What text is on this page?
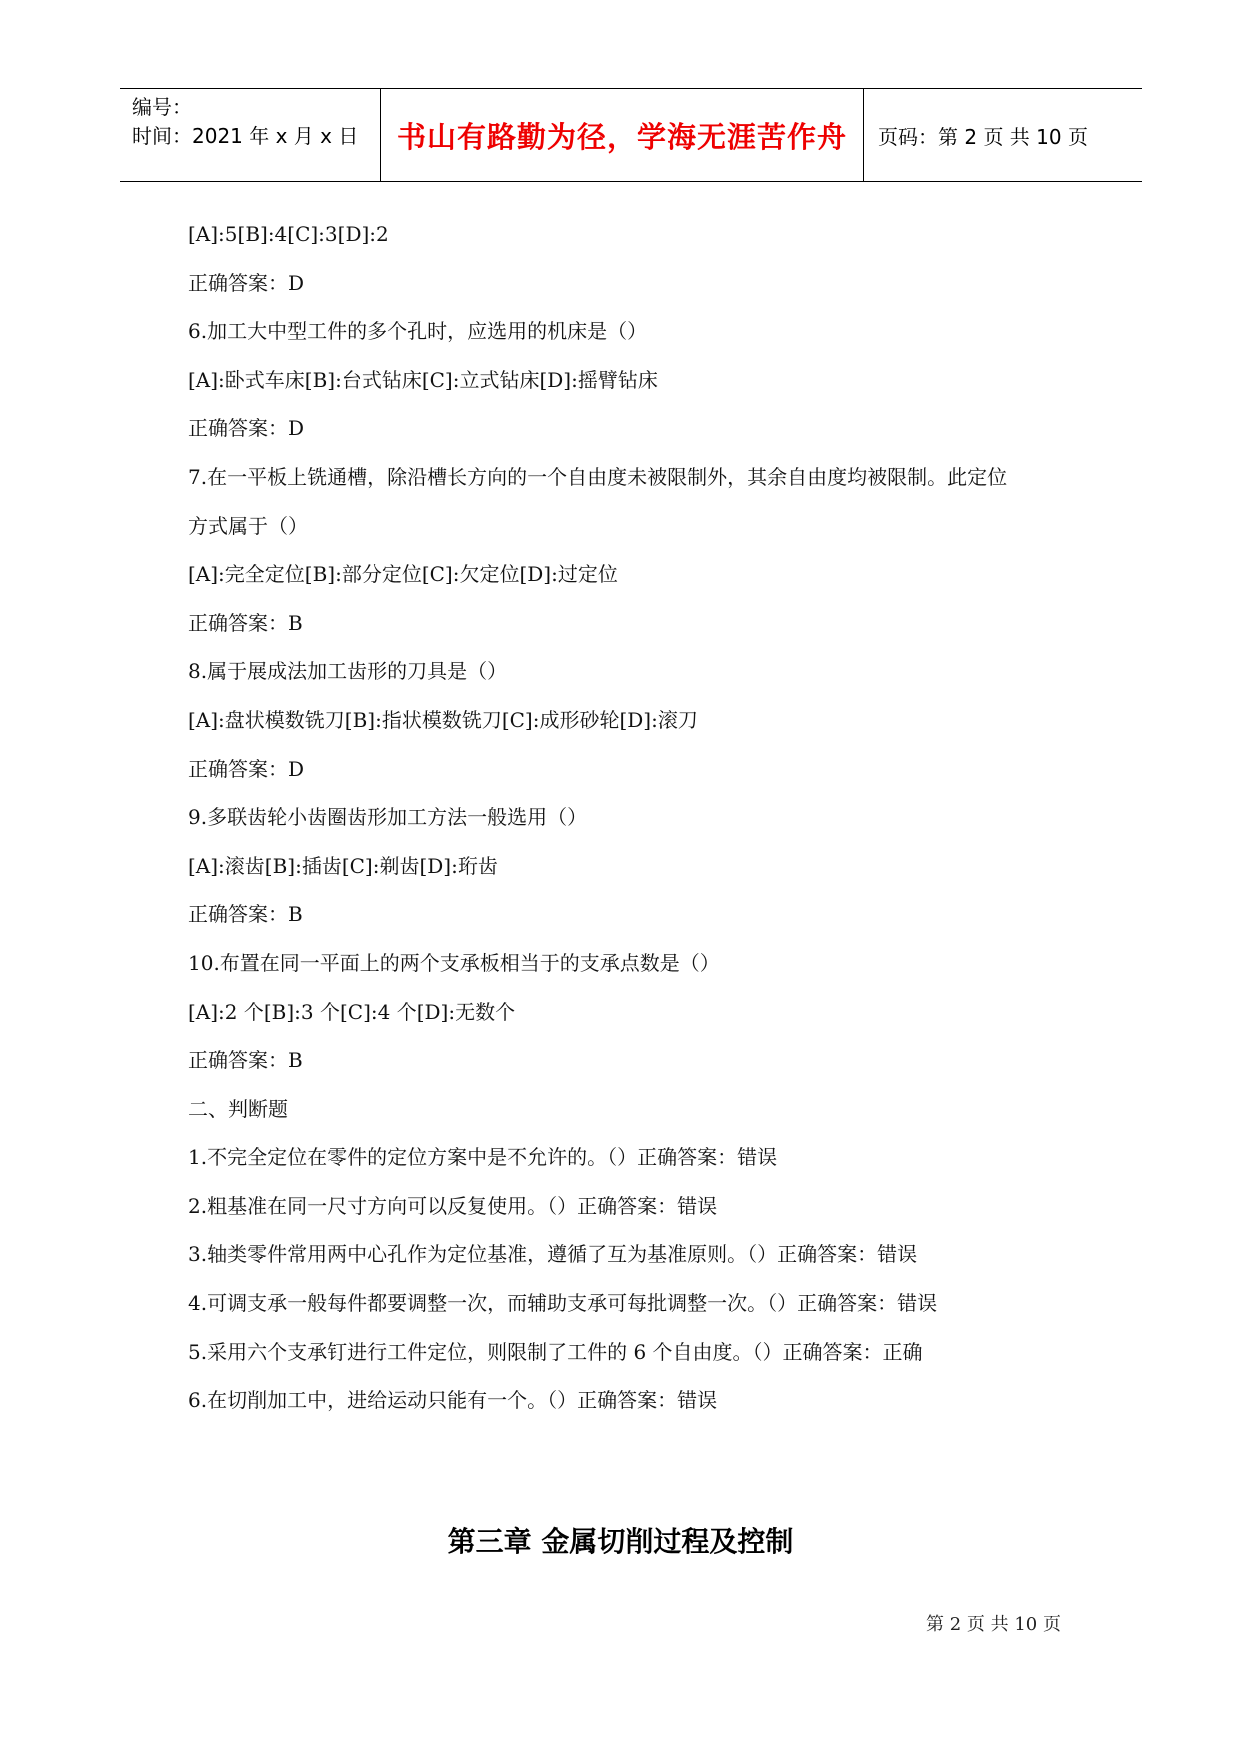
编号：
时间：2021 年 x 月 x 日	书山有路勤为径，学海无涯苦作舟	页码：第 2 页 共 10 页
[A]:5[B]:4[C]:3[D]:2
正确答案：D
6.加工大中型工件的多个孔时，应选用的机床是（）
[A]:卧式车床[B]:台式钻床[C]:立式钻床[D]:摇臂钻床
正确答案：D
7.在一平板上铣通槽，除沿槽长方向的一个自由度未被限制外，其余自由度均被限制。此定位
方式属于（）
[A]:完全定位[B]:部分定位[C]:欠定位[D]:过定位
正确答案：B
8.属于展成法加工齿形的刀具是（）
[A]:盘状模数铣刀[B]:指状模数铣刀[C]:成形砂轮[D]:滚刀
正确答案：D
9.多联齿轮小齿圈齿形加工方法一般选用（）
[A]:滚齿[B]:插齿[C]:剃齿[D]:珩齿
正确答案：B
10.布置在同一平面上的两个支承板相当于的支承点数是（）
[A]:2 个[B]:3 个[C]:4 个[D]:无数个
正确答案：B
二、判断题
1.不完全定位在零件的定位方案中是不允许的。（）正确答案：错误
2.粗基准在同一尺寸方向可以反复使用。（）正确答案：错误
3.轴类零件常用两中心孔作为定位基准，遵循了互为基准原则。（）正确答案：错误
4.可调支承一般每件都要调整一次，而辅助支承可每批调整一次。（）正确答案：错误
5.采用六个支承钉进行工件定位，则限制了工件的 6 个自由度。（）正确答案：正确
6.在切削加工中，进给运动只能有一个。（）正确答案：错误
第三章 金属切削过程及控制
第 2 页 共 10 页
